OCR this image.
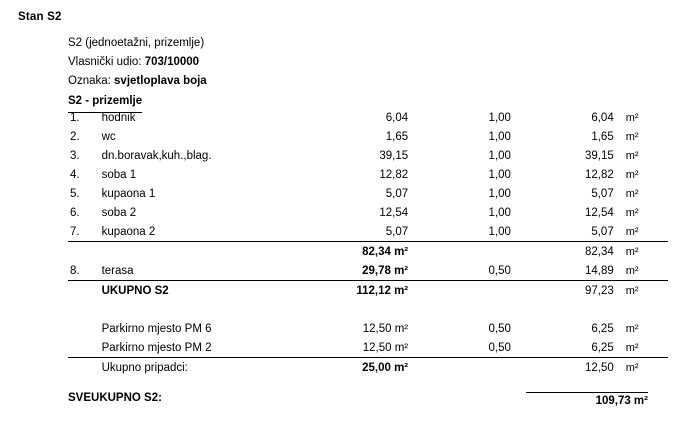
Stan S2
S2 (jednoetažni, prizemlje)
Vlasnički udio: 703/10000
Oznaka: svjetloplava boja
S2 - prizemlje
1.	hodnik	6,04	1,00	6,04	m²
2.	wc	1,65	1,00	1,65	m²
3.	dn.boravak,kuh.,blag.	39,15	1,00	39,15	m²
4.	soba 1	12,82	1,00	12,82	m²
5.	kupaona 1	5,07	1,00	5,07	m²
6.	soba 2	12,54	1,00	12,54	m²
7.	kupaona 2	5,07	1,00	5,07	m²
		82,34 m²		82,34	m²
8.	terasa	29,78 m²	0,50	14,89	m²
	UKUPNO S2	112,12 m²		97,23	m²

	Parkirno mjesto PM 6	12,50 m²	0,50	6,25	m²
	Parkirno mjesto PM 2	12,50 m²	0,50	6,25	m²
	Ukupno pripadci:	25,00 m²		12,50	m²
SVEUKUPNO S2:	109,73 m²
